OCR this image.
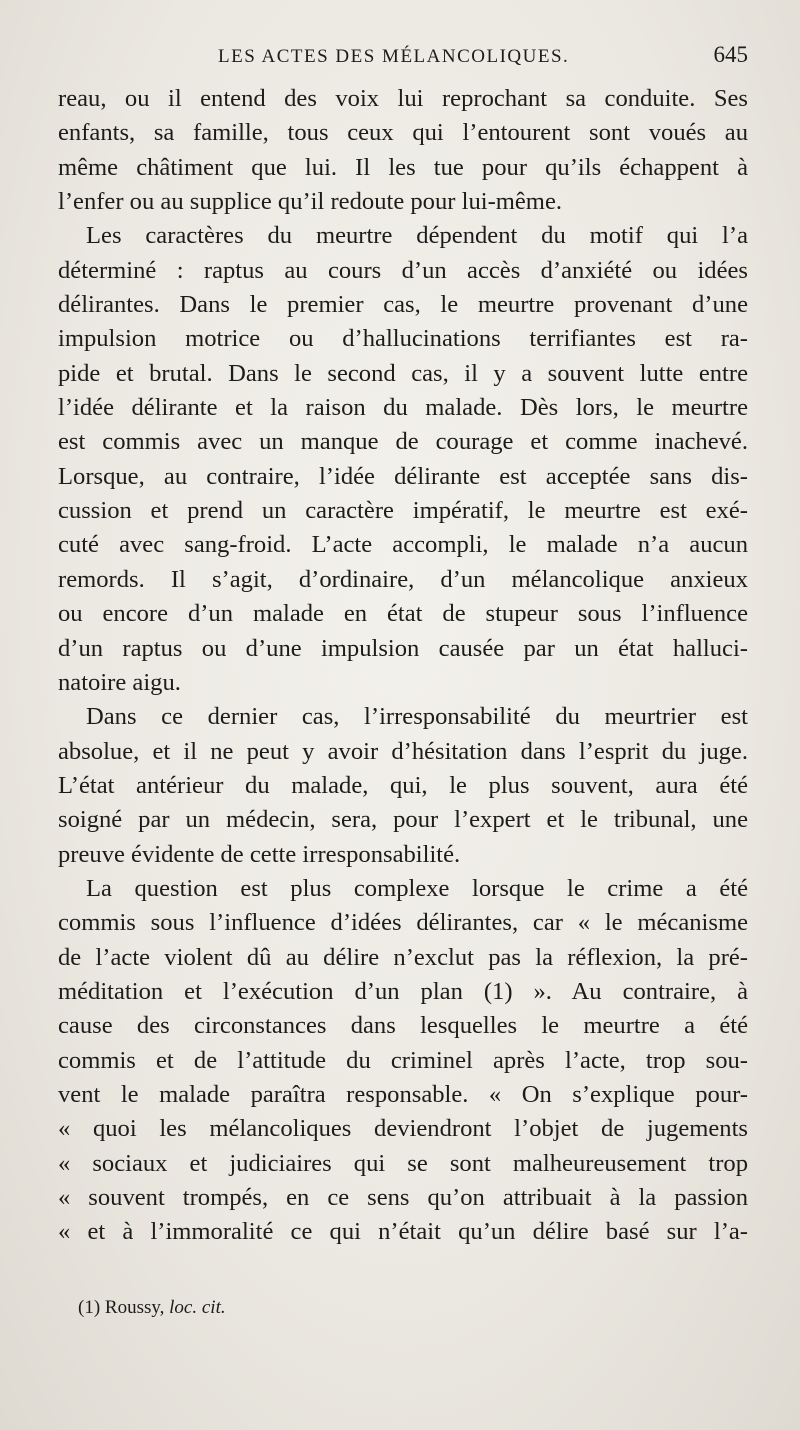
LES ACTES DES MÉLANCOLIQUES.	645
reau, ou il entend des voix lui reprochant sa conduite. Ses
enfants, sa famille, tous ceux qui l’entourent sont voués au
même châtiment que lui. Il les tue pour qu’ils échappent à
l’enfer ou au supplice qu’il redoute pour lui-même.
Les caractères du meurtre dépendent du motif qui l’a
déterminé : raptus au cours d’un accès d’anxiété ou idées
délirantes. Dans le premier cas, le meurtre provenant d’une
impulsion motrice ou d’hallucinations terrifiantes est ra-
pide et brutal. Dans le second cas, il y a souvent lutte entre
l’idée délirante et la raison du malade. Dès lors, le meurtre
est commis avec un manque de courage et comme inachevé.
Lorsque, au contraire, l’idée délirante est acceptée sans dis-
cussion et prend un caractère impératif, le meurtre est exé-
cuté avec sang-froid. L’acte accompli, le malade n’a aucun
remords. Il s’agit, d’ordinaire, d’un mélancolique anxieux
ou encore d’un malade en état de stupeur sous l’influence
d’un raptus ou d’une impulsion causée par un état halluci-
natoire aigu.
Dans ce dernier cas, l’irresponsabilité du meurtrier est
absolue, et il ne peut y avoir d’hésitation dans l’esprit du juge.
L’état antérieur du malade, qui, le plus souvent, aura été
soigné par un médecin, sera, pour l’expert et le tribunal, une
preuve évidente de cette irresponsabilité.
La question est plus complexe lorsque le crime a été
commis sous l’influence d’idées délirantes, car « le mécanisme
de l’acte violent dû au délire n’exclut pas la réflexion, la pré-
méditation et l’exécution d’un plan (1) ». Au contraire, à
cause des circonstances dans lesquelles le meurtre a été
commis et de l’attitude du criminel après l’acte, trop sou-
vent le malade paraîtra responsable. « On s’explique pour-
« quoi les mélancoliques deviendront l’objet de jugements
« sociaux et judiciaires qui se sont malheureusement trop
« souvent trompés, en ce sens qu’on attribuait à la passion
« et à l’immoralité ce qui n’était qu’un délire basé sur l’a-
(1) Roussy, loc. cit.
